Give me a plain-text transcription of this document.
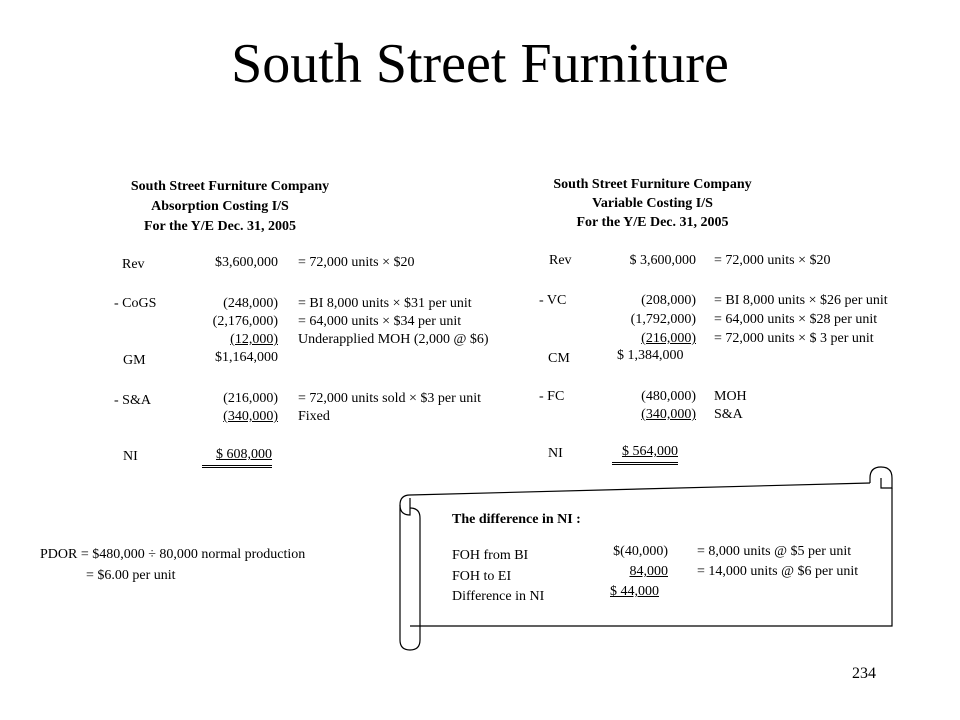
South Street Furniture
South Street Furniture Company
Absorption Costing I/S
For the Y/E Dec. 31, 2005
Rev	$3,600,000 = 72,000 units × $20
- CoGS	(248,000) = BI 8,000 units × $31 per unit
(2,176,000) = 64,000 units × $34 per unit
(12,000) Underapplied MOH (2,000 @ $6)
GM	$1,164,000
- S&A	(216,000) = 72,000 units sold × $3 per unit
(340,000) Fixed
NI	$ 608,000
South Street Furniture Company
Variable Costing I/S
For the Y/E Dec. 31, 2005
Rev	$ 3,600,000 = 72,000 units × $20
- VC	(208,000) = BI 8,000 units × $26 per unit
(1,792,000) = 64,000 units × $28 per unit
(216,000) = 72,000 units × $ 3 per unit
CM	$ 1,384,000
- FC	(480,000) MOH
(340,000) S&A
NI	$ 564,000
PDOR = $480,000 ÷ 80,000 normal production
= $6.00 per unit
The difference in NI :
FOH from BI	$(40,000) = 8,000 units @ $5 per unit
FOH to EI	84,000 = 14,000 units @ $6 per unit
Difference in NI	$ 44,000
234
